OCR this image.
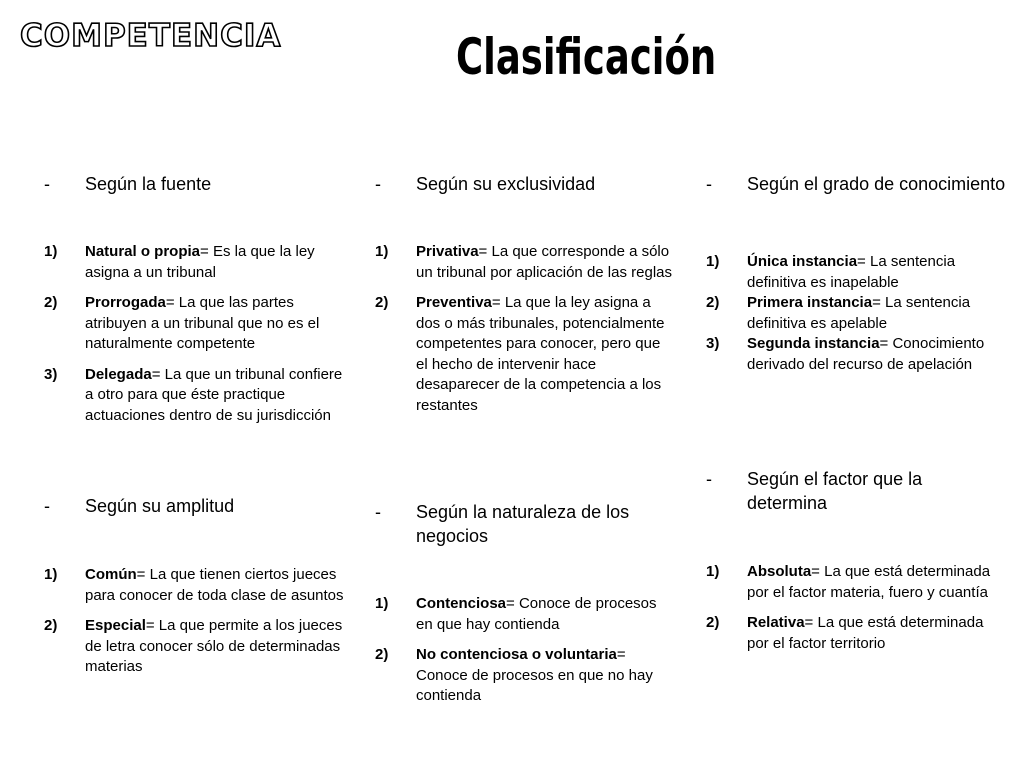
COMPETENCIA	Clasificación
-	Según la fuente
1)	Natural o propia= Es la que la ley asigna a un tribunal
2)	Prorrogada= La que las partes atribuyen a un tribunal que no es el naturalmente competente
3)	Delegada= La que un tribunal confiere a otro para que éste practique actuaciones dentro de su jurisdicción
-	Según su amplitud
1)	Común= La que tienen ciertos jueces para conocer de toda clase de asuntos
2)	Especial= La que permite a los jueces de letra conocer sólo de determinadas materias
-	Según su exclusividad
1)	Privativa= La que corresponde a sólo un tribunal por aplicación de las reglas
2)	Preventiva= La que la ley asigna a dos o más tribunales, potencialmente competentes para conocer, pero que el hecho de intervenir hace desaparecer de la competencia a los restantes
-	Según la naturaleza de los negocios
1)	Contenciosa= Conoce de procesos en que hay contienda
2)	No contenciosa o voluntaria= Conoce de procesos en que no hay contienda
-	Según el grado de conocimiento
1)	Única instancia= La sentencia definitiva es inapelable
2)	Primera instancia= La sentencia definitiva es apelable
3)	Segunda instancia= Conocimiento derivado del recurso de apelación
-	Según el factor que la determina
1)	Absoluta= La que está determinada por el factor materia, fuero y cuantía
2)	Relativa= La que está determinada por el factor territorio
